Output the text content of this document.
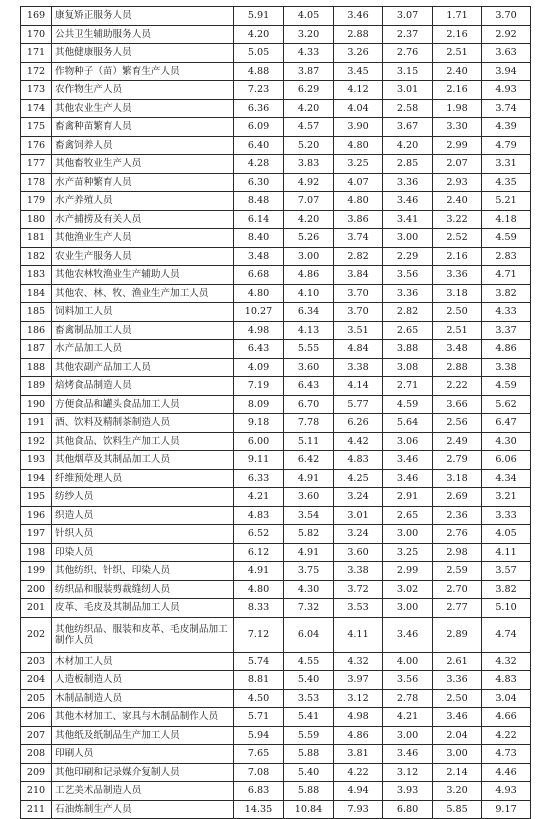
169	康复矫正服务人员	5.91	4.05	3.46	3.07	1.71	3.70
170	公共卫生辅助服务人员	4.20	3.20	2.88	2.37	2.16	2.92
171	其他健康服务人员	5.05	4.33	3.26	2.76	2.51	3.63
172	作物种子（苗）繁育生产人员	4.88	3.87	3.45	3.15	2.40	3.94
173	农作物生产人员	7.23	6.29	4.12	3.01	2.16	4.93
174	其他农业生产人员	6.36	4.20	4.04	2.58	1.98	3.74
175	畜禽种苗繁育人员	6.09	4.57	3.90	3.67	3.30	4.39
176	畜禽饲养人员	6.40	5.20	4.80	4.20	2.99	4.79
177	其他畜牧业生产人员	4.28	3.83	3.25	2.85	2.07	3.31
178	水产苗种繁育人员	6.30	4.92	4.07	3.36	2.93	4.35
179	水产养殖人员	8.48	7.07	4.80	3.46	2.40	5.21
180	水产捕捞及有关人员	6.14	4.20	3.86	3.41	3.22	4.18
181	其他渔业生产人员	8.40	5.26	3.74	3.00	2.52	4.59
182	农业生产服务人员	3.48	3.00	2.82	2.29	2.16	2.83
183	其他农林牧渔业生产辅助人员	6.68	4.86	3.84	3.56	3.36	4.71
184	其他农、林、牧、渔业生产加工人员	4.80	4.10	3.70	3.36	3.18	3.82
185	饲料加工人员	10.27	6.34	3.70	2.82	2.50	4.33
186	畜禽制品加工人员	4.98	4.13	3.51	2.65	2.51	3.37
187	水产品加工人员	6.43	5.55	4.84	3.88	3.48	4.86
188	其他农副产品加工人员	4.09	3.60	3.38	3.08	2.88	3.38
189	焙烤食品制造人员	7.19	6.43	4.14	2.71	2.22	4.59
190	方便食品和罐头食品加工人员	8.09	6.70	5.77	4.59	3.66	5.62
191	酒、饮料及精制茶制造人员	9.18	7.78	6.26	5.64	2.56	6.47
192	其他食品、饮料生产加工人员	6.00	5.11	4.42	3.06	2.49	4.30
193	其他烟草及其制品加工人员	9.11	6.42	4.83	3.46	2.79	6.06
194	纤维预处理人员	6.33	4.91	4.25	3.46	3.18	4.34
195	纺纱人员	4.21	3.60	3.24	2.91	2.69	3.21
196	织造人员	4.83	3.54	3.01	2.65	2.36	3.33
197	针织人员	6.52	5.82	3.24	3.00	2.76	4.05
198	印染人员	6.12	4.91	3.60	3.25	2.98	4.11
199	其他纺织、针织、印染人员	4.91	3.75	3.38	2.99	2.59	3.57
200	纺织品和服装剪裁缝纫人员	4.80	4.30	3.72	3.02	2.70	3.82
201	皮革、毛皮及其制品加工人员	8.33	7.32	3.53	3.00	2.77	5.10
202	其他纺织品、服装和皮革、毛皮制品加工制作人员	7.12	6.04	4.11	3.46	2.89	4.74
203	木材加工人员	5.74	4.55	4.32	4.00	2.61	4.32
204	人造板制造人员	8.81	5.40	3.97	3.56	3.36	4.83
205	木制品制造人员	4.50	3.53	3.12	2.78	2.50	3.04
206	其他木材加工、家具与木制品制作人员	5.71	5.41	4.98	4.21	3.46	4.66
207	其他纸及纸制品生产加工人员	5.94	5.59	4.86	3.00	2.04	4.22
208	印刷人员	7.65	5.88	3.81	3.46	3.00	4.73
209	其他印刷和记录媒介复制人员	7.08	5.40	4.22	3.12	2.14	4.46
210	工艺美术品制造人员	6.83	5.88	4.94	3.93	3.20	4.93
211	石油炼制生产人员	14.35	10.84	7.93	6.80	5.85	9.17
